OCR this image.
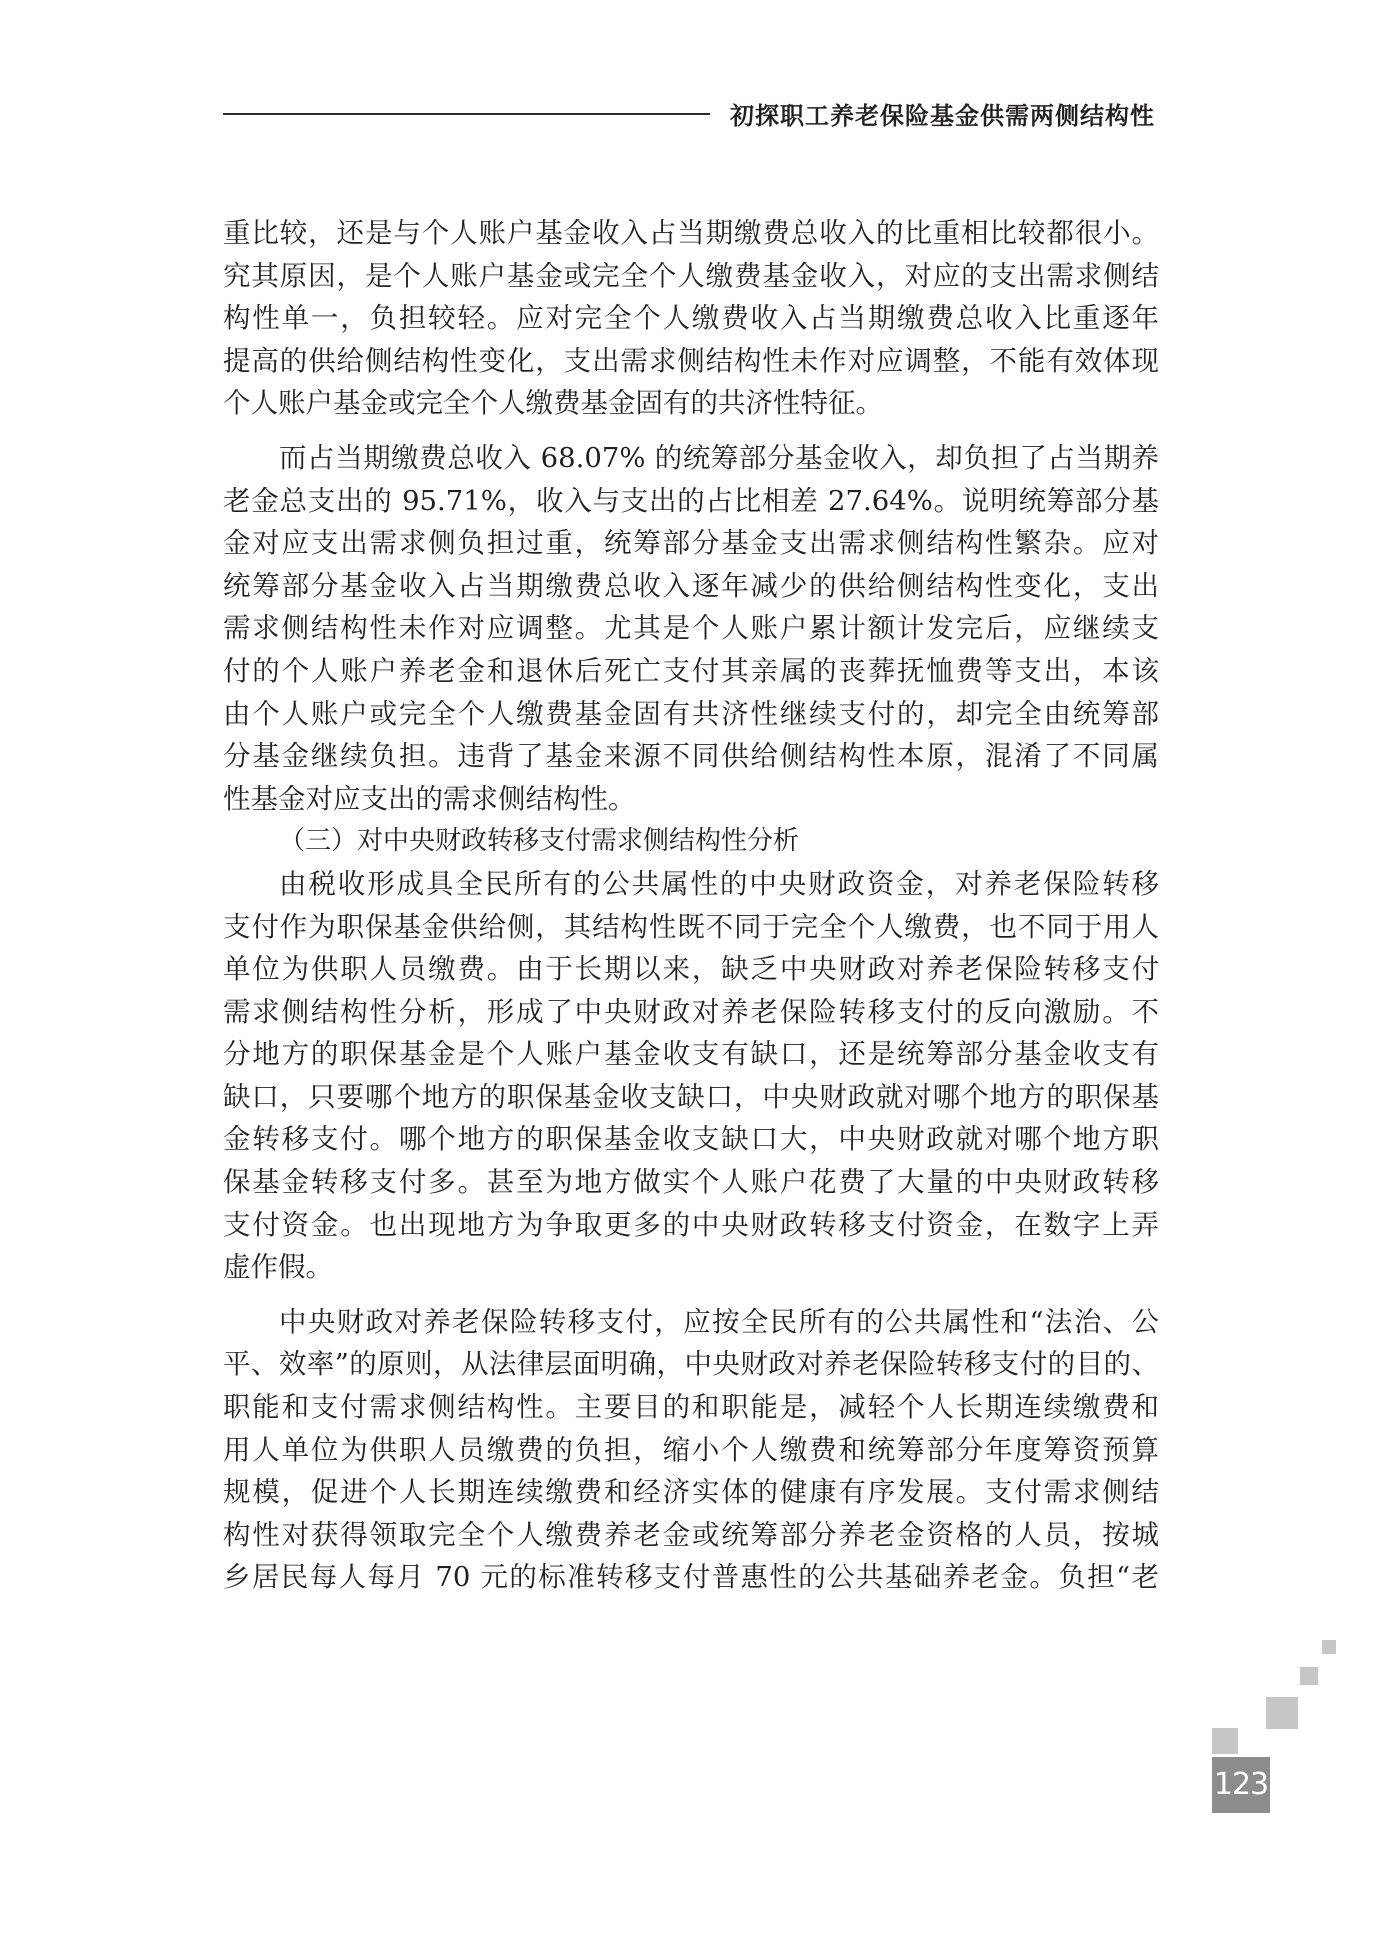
初探职工养老保险基金供需两侧结构性
重比较，还是与个人账户基金收入占当期缴费总收入的比重相比较都很小。
究其原因，是个人账户基金或完全个人缴费基金收入，对应的支出需求侧结
构性单一，负担较轻。应对完全个人缴费收入占当期缴费总收入比重逐年
提高的供给侧结构性变化，支出需求侧结构性未作对应调整，不能有效体现
个人账户基金或完全个人缴费基金固有的共济性特征。
而占当期缴费总收入 68.07% 的统筹部分基金收入，却负担了占当期养
老金总支出的 95.71%，收入与支出的占比相差 27.64%。说明统筹部分基
金对应支出需求侧负担过重，统筹部分基金支出需求侧结构性繁杂。应对
统筹部分基金收入占当期缴费总收入逐年减少的供给侧结构性变化，支出
需求侧结构性未作对应调整。尤其是个人账户累计额计发完后，应继续支
付的个人账户养老金和退休后死亡支付其亲属的丧葬抚恤费等支出，本该
由个人账户或完全个人缴费基金固有共济性继续支付的，却完全由统筹部
分基金继续负担。违背了基金来源不同供给侧结构性本原，混淆了不同属
性基金对应支出的需求侧结构性。
（三）对中央财政转移支付需求侧结构性分析
由税收形成具全民所有的公共属性的中央财政资金，对养老保险转移
支付作为职保基金供给侧，其结构性既不同于完全个人缴费，也不同于用人
单位为供职人员缴费。由于长期以来，缺乏中央财政对养老保险转移支付
需求侧结构性分析，形成了中央财政对养老保险转移支付的反向激励。不
分地方的职保基金是个人账户基金收支有缺口，还是统筹部分基金收支有
缺口，只要哪个地方的职保基金收支缺口，中央财政就对哪个地方的职保基
金转移支付。哪个地方的职保基金收支缺口大，中央财政就对哪个地方职
保基金转移支付多。甚至为地方做实个人账户花费了大量的中央财政转移
支付资金。也出现地方为争取更多的中央财政转移支付资金，在数字上弄
虚作假。
中央财政对养老保险转移支付，应按全民所有的公共属性和“法治、公
平、效率”的原则，从法律层面明确，中央财政对养老保险转移支付的目的、
职能和支付需求侧结构性。主要目的和职能是，减轻个人长期连续缴费和
用人单位为供职人员缴费的负担，缩小个人缴费和统筹部分年度筹资预算
规模，促进个人长期连续缴费和经济实体的健康有序发展。支付需求侧结
构性对获得领取完全个人缴费养老金或统筹部分养老金资格的人员，按城
乡居民每人每月 70 元的标准转移支付普惠性的公共基础养老金。负担“老
123
